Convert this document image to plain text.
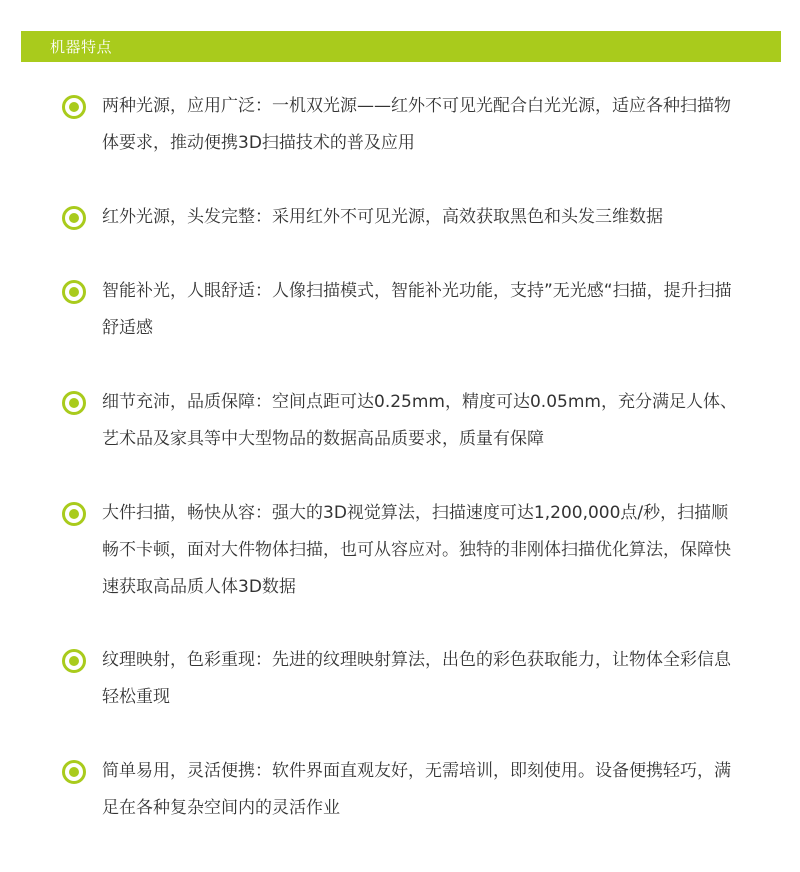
机器特点
两种光源，应用广泛：一机双光源——红外不可见光配合白光光源，适应各种扫描物体要求，推动便携3D扫描技术的普及应用
红外光源，头发完整：采用红外不可见光源，高效获取黑色和头发三维数据
智能补光，人眼舒适：人像扫描模式，智能补光功能，支持”无光感“扫描，提升扫描舒适感
细节充沛，品质保障：空间点距可达0.25mm，精度可达0.05mm，充分满足人体、艺术品及家具等中大型物品的数据高品质要求，质量有保障
大件扫描，畅快从容：强大的3D视觉算法，扫描速度可达1,200,000点/秒，扫描顺畅不卡顿，面对大件物体扫描，也可从容应对。独特的非刚体扫描优化算法，保障快速获取高品质人体3D数据
纹理映射，色彩重现：先进的纹理映射算法，出色的彩色获取能力，让物体全彩信息轻松重现
简单易用，灵活便携：软件界面直观友好，无需培训，即刻使用。设备便携轻巧，满足在各种复杂空间内的灵活作业
